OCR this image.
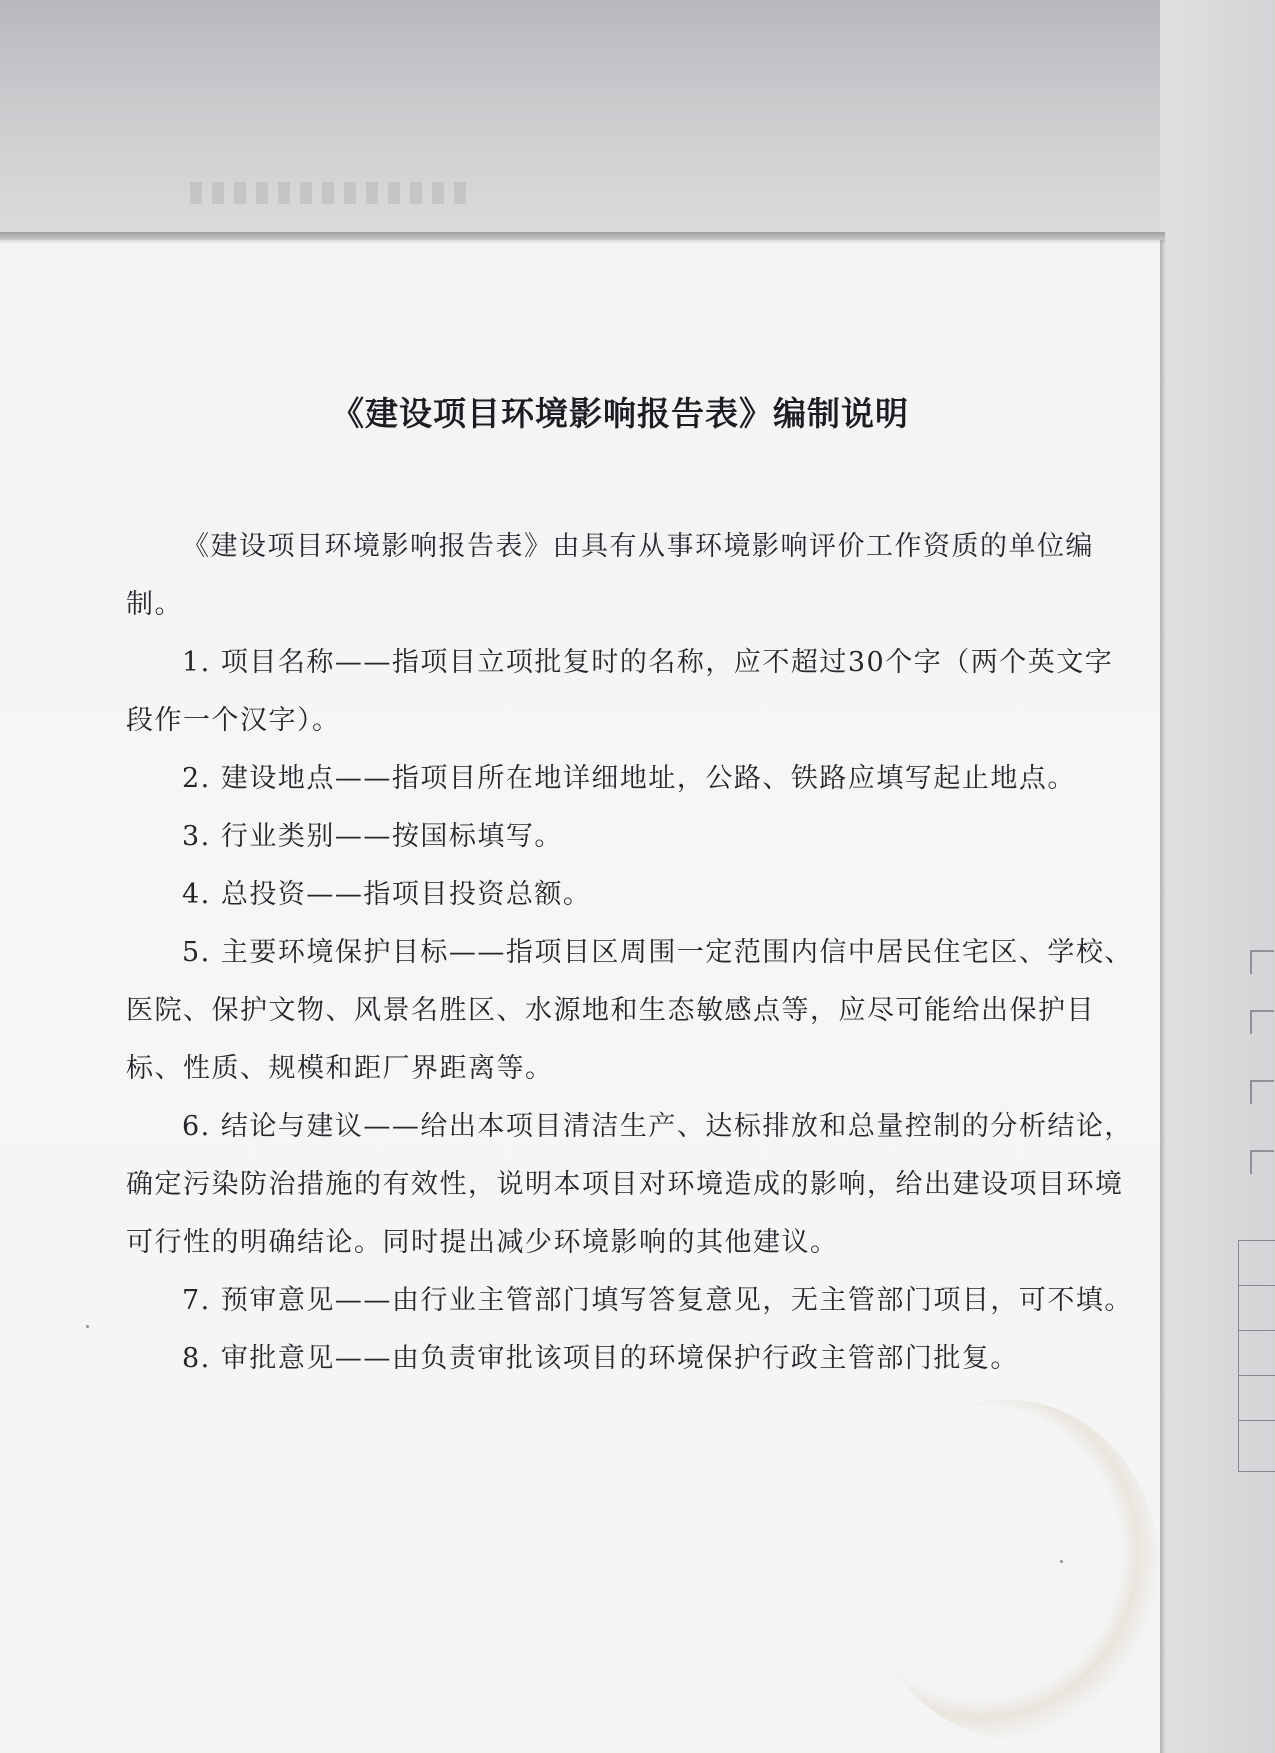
《建设项目环境影响报告表》编制说明

《建设项目环境影响报告表》由具有从事环境影响评价工作资质的单位编制。

1. 项目名称——指项目立项批复时的名称，应不超过30个字（两个英文字段作一个汉字）。

2. 建设地点——指项目所在地详细地址，公路、铁路应填写起止地点。

3. 行业类别——按国标填写。

4. 总投资——指项目投资总额。

5. 主要环境保护目标——指项目区周围一定范围内信中居民住宅区、学校、医院、保护文物、风景名胜区、水源地和生态敏感点等，应尽可能给出保护目标、性质、规模和距厂界距离等。

6. 结论与建议——给出本项目清洁生产、达标排放和总量控制的分析结论，确定污染防治措施的有效性，说明本项目对环境造成的影响，给出建设项目环境可行性的明确结论。同时提出减少环境影响的其他建议。

7. 预审意见——由行业主管部门填写答复意见，无主管部门项目，可不填。

8. 审批意见——由负责审批该项目的环境保护行政主管部门批复。
